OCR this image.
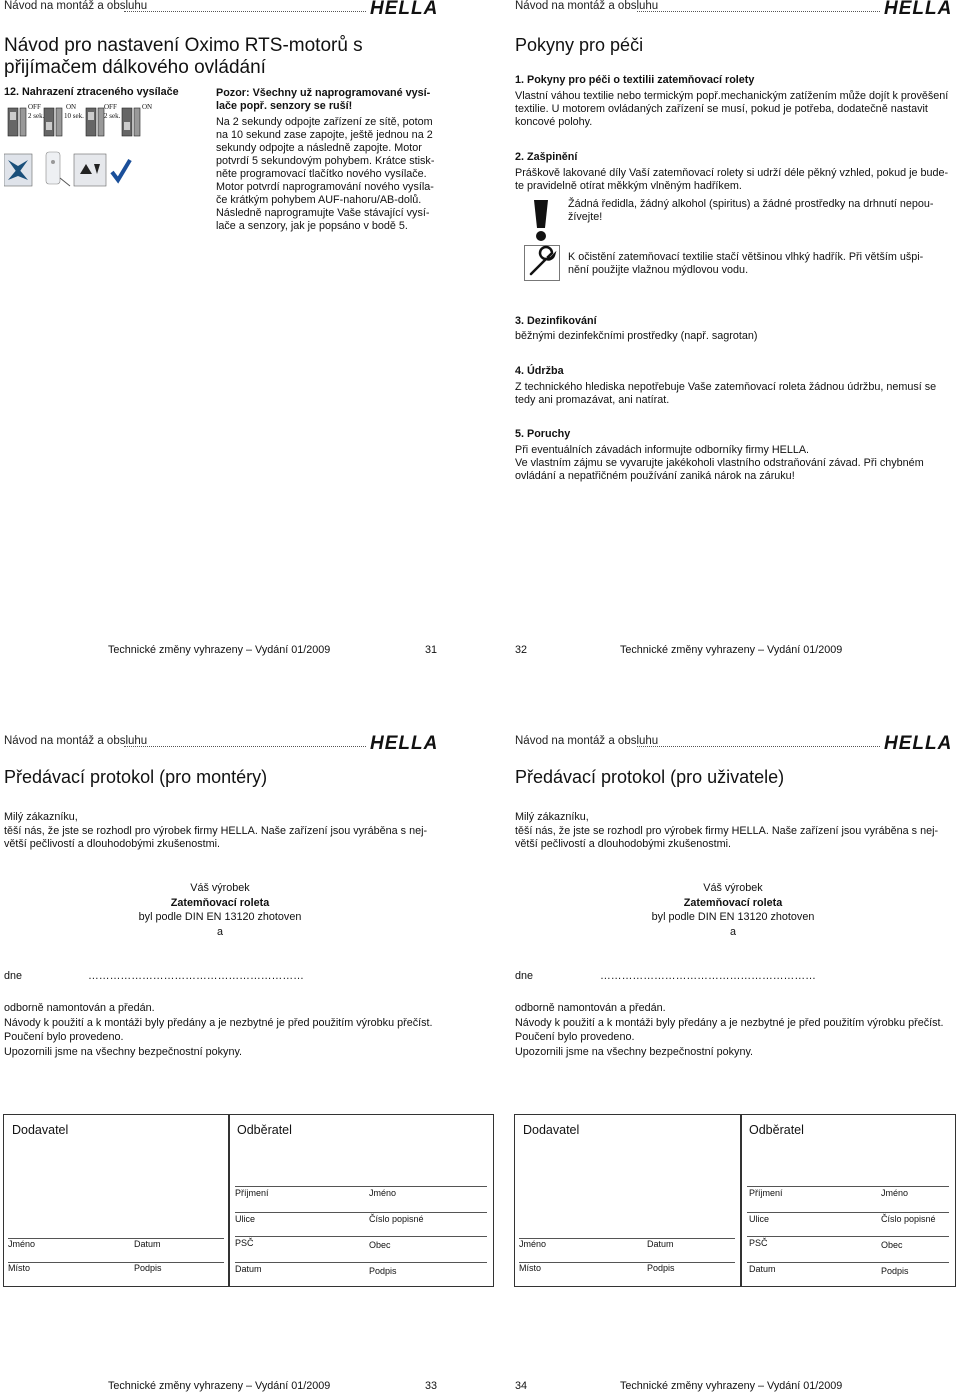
Návod na montáž a obsluhu	HELLA
Návod pro nastavení Oximo RTS-motorů s
přijímačem dálkového ovládání
12. Nahrazení ztraceného vysílače
OFF	ON	OFF	ON
2 sek.	10 sek.	2 sek.
Pozor: Všechny už naprogramované vysí-
lače popř. senzory se ruší!
Na 2 sekundy odpojte zařízení ze sítě, potom
na 10 sekund zase zapojte, ještě jednou na 2
sekundy odpojte a následně zapojte. Motor
potvrdí 5 sekundovým pohybem. Krátce stisk-
něte programovací tlačítko nového vysílače.
Motor potvrdí naprogramování nového vysíla-
če krátkým pohybem AUF-nahoru/AB-dolů.
Následně naprogramujte Vaše stávající vysí-
lače a senzory, jak je popsáno v bodě 5.
Technické změny vyhrazeny – Vydání 01/2009	31
Návod na montáž a obsluhu	HELLA
Pokyny pro péči
1. Pokyny pro péči o textilii zatemňovací rolety
Vlastní váhou textilie nebo termickým popř.mechanickým zatížením může dojít k prověšení
textilie. U motorem ovládaných zařízení se musí, pokud je potřeba, dodatečně nastavit
koncové polohy.
2. Zašpinění
Práškově lakované díly Vaší zatemňovací rolety si udrží déle pěkný vzhled, pokud je bude-
te pravidelně otírat měkkým vlněným hadříkem.
Žádná ředidla, žádný alkohol (spiritus) a žádné prostředky na drhnutí nepou-
žívejte!
K očistění zatemňovací textilie stačí většinou vlhký hadřík. Při větším ušpi-
nění použijte vlažnou mýdlovou vodu.
3. Dezinfikování
běžnými dezinfekčními prostředky (např. sagrotan)
4. Údržba
Z technického hlediska nepotřebuje Vaše zatemňovací roleta žádnou údržbu, nemusí se
tedy ani promazávat, ani natírat.
5. Poruchy
Při eventuálních závadách informujte odborníky firmy HELLA.
Ve vlastním zájmu se vyvarujte jakékoholi vlastního odstraňování závad. Při chybném
ovládání a nepatřičném používání zaniká nárok na záruku!
32	Technické změny vyhrazeny – Vydání 01/2009
Návod na montáž a obsluhu	HELLA
Předávací protokol (pro montéry)
Milý zákazníku,
těší nás, že jste se rozhodl pro výrobek firmy HELLA. Naše zařízení jsou vyráběna s nej-
větší pečlivostí a dlouhodobými zkušenostmi.
Váš výrobek
Zatemňovací roleta
byl podle DIN EN 13120 zhotoven
a
dne	……………………………………………………
odborně namontován a předán.
Návody k použití a k montáži byly předány a je nezbytné je před použitím výrobku přečíst.
Poučení bylo provedeno.
Upozornili jsme na všechny bezpečnostní pokyny.
Dodavatel
Jméno	Datum
Místo	Podpis
Odběratel
Příjmení	Jméno
Ulice	Číslo popisné
PSČ	Obec
Datum	Podpis
Technické změny vyhrazeny – Vydání 01/2009	33
Návod na montáž a obsluhu	HELLA
Předávací protokol (pro uživatele)
Milý zákazníku,
těší nás, že jste se rozhodl pro výrobek firmy HELLA. Naše zařízení jsou vyráběna s nej-
větší pečlivostí a dlouhodobými zkušenostmi.
Váš výrobek
Zatemňovací roleta
byl podle DIN EN 13120 zhotoven
a
dne	……………………………………………………
odborně namontován a předán.
Návody k použití a k montáži byly předány a je nezbytné je před použitím výrobku přečíst.
Poučení bylo provedeno.
Upozornili jsme na všechny bezpečnostní pokyny.
Dodavatel
Jméno	Datum
Místo	Podpis
Odběratel
Příjmení	Jméno
Ulice	Číslo popisné
PSČ	Obec
Datum	Podpis
34	Technické změny vyhrazeny – Vydání 01/2009
